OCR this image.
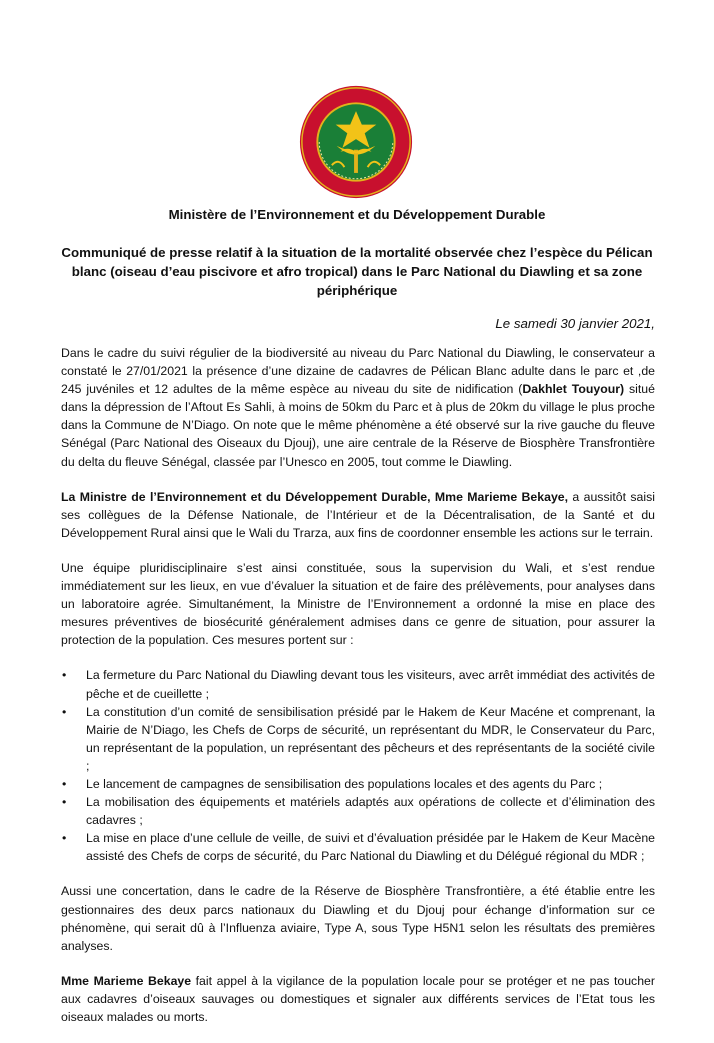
Ministère de l’Environnement et du Développement Durable
Communiqué de presse relatif à la situation de la mortalité observée chez l’espèce du Pélican
blanc (oiseau d’eau piscivore et afro tropical) dans le Parc National du Diawling et sa zone
périphérique
Le samedi 30 janvier 2021,

Dans le cadre du suivi régulier de la biodiversité au niveau du Parc National du Diawling, le conservateur a constaté le 27/01/2021 la présence d’une dizaine de cadavres de Pélican Blanc adulte dans le parc et ,de 245 juvéniles et 12 adultes de la même espèce au niveau du site de nidification (Dakhlet Touyour) situé dans la dépression de l’Aftout Es Sahli, à moins de 50km du Parc et à plus de 20km du village le plus proche dans la Commune de N’Diago. On note que le même phénomène a été observé sur la rive gauche du fleuve Sénégal (Parc National des Oiseaux du Djouj), une aire centrale de la Réserve de Biosphère Transfrontière du delta du fleuve Sénégal, classée par l’Unesco en 2005, tout comme le Diawling.

La Ministre de l’Environnement et du Développement Durable, Mme Marieme Bekaye, a aussitôt saisi ses collègues de la Défense Nationale, de l’Intérieur et de la Décentralisation, de la Santé et du Développement Rural ainsi que le Wali du Trarza, aux fins de coordonner ensemble les actions sur le terrain.

Une équipe pluridisciplinaire s’est ainsi constituée, sous la supervision du Wali, et s’est rendue immédiatement sur les lieux, en vue d’évaluer la situation et de faire des prélèvements, pour analyses dans un laboratoire agrée. Simultanément, la Ministre de l’Environnement a ordonné la mise en place des mesures préventives de biosécurité généralement admises dans ce genre de situation, pour assurer la protection de la population. Ces mesures portent sur :

• La fermeture du Parc National du Diawling devant tous les visiteurs, avec arrêt immédiat des activités de pêche et de cueillette ;
• La constitution d’un comité de sensibilisation présidé par le Hakem de Keur Macéne et comprenant, la Mairie de N’Diago, les Chefs de Corps de sécurité, un représentant du MDR, le Conservateur du Parc, un représentant de la population, un représentant des pêcheurs et des représentants de la société civile ;
• Le lancement de campagnes de sensibilisation des populations locales et des agents du Parc ;
• La mobilisation des équipements et matériels adaptés aux opérations de collecte et d’élimination des cadavres ;
• La mise en place d’une cellule de veille, de suivi et d’évaluation présidée par le Hakem de Keur Macène assisté des Chefs de corps de sécurité, du Parc National du Diawling et du Délégué régional du MDR ;

Aussi une concertation, dans le cadre de la Réserve de Biosphère Transfrontière, a été établie entre les gestionnaires des deux parcs nationaux du Diawling et du Djouj pour échange d’information sur ce phénomène, qui serait dû à l’Influenza aviaire, Type A, sous Type H5N1 selon les résultats des premières analyses.

Mme Marieme Bekaye fait appel à la vigilance de la population locale pour se protéger et ne pas toucher aux cadavres d’oiseaux sauvages ou domestiques et signaler aux différents services de l’Etat tous les oiseaux malades ou morts.
